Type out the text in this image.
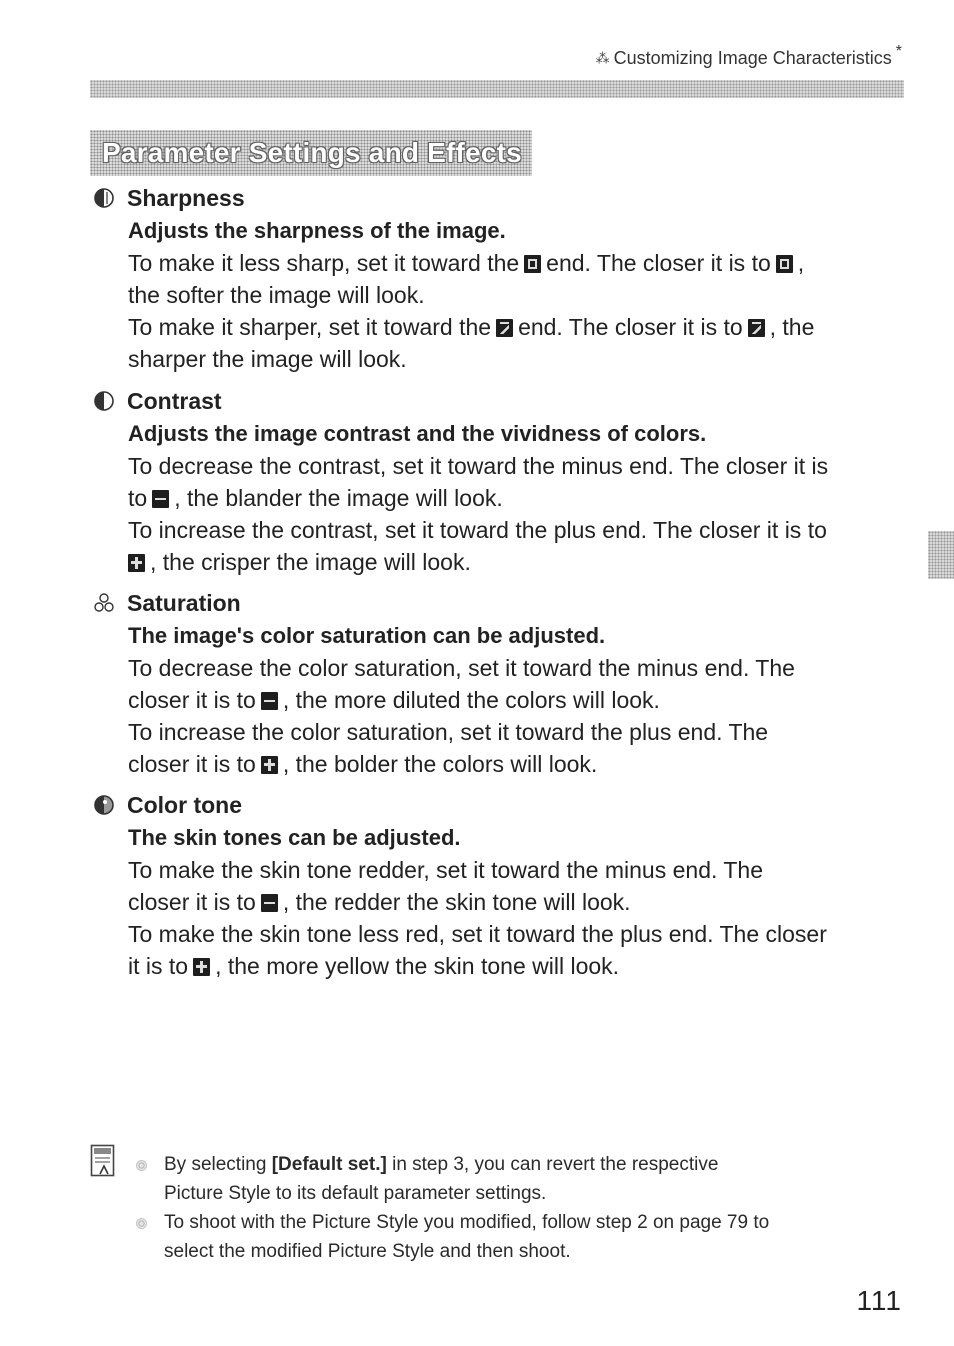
⁂ Customizing Image Characteristics *
Parameter Settings and Effects
Sharpness
Adjusts the sharpness of the image.

To make it less sharp, set it toward the end. The closer it is to ,
the softer the image will look.

To make it sharper, set it toward the end. The closer it is to , the
sharper the image will look.

Contrast
Adjusts the image contrast and the vividness of colors.

To decrease the contrast, set it toward the minus end. The closer it is
to , the blander the image will look.

To increase the contrast, set it toward the plus end. The closer it is to
, the crisper the image will look.

Saturation
The image's color saturation can be adjusted.

To decrease the color saturation, set it toward the minus end. The
closer it is to , the more diluted the colors will look.

To increase the color saturation, set it toward the plus end. The
closer it is to , the bolder the colors will look.

Color tone
The skin tones can be adjusted.

To make the skin tone redder, set it toward the minus end. The
closer it is to , the redder the skin tone will look.

To make the skin tone less red, set it toward the plus end. The closer
it is to , the more yellow the skin tone will look.

By selecting [Default set.] in step 3, you can revert the respective
Picture Style to its default parameter settings.
To shoot with the Picture Style you modified, follow step 2 on page 79 to
select the modified Picture Style and then shoot.
111
